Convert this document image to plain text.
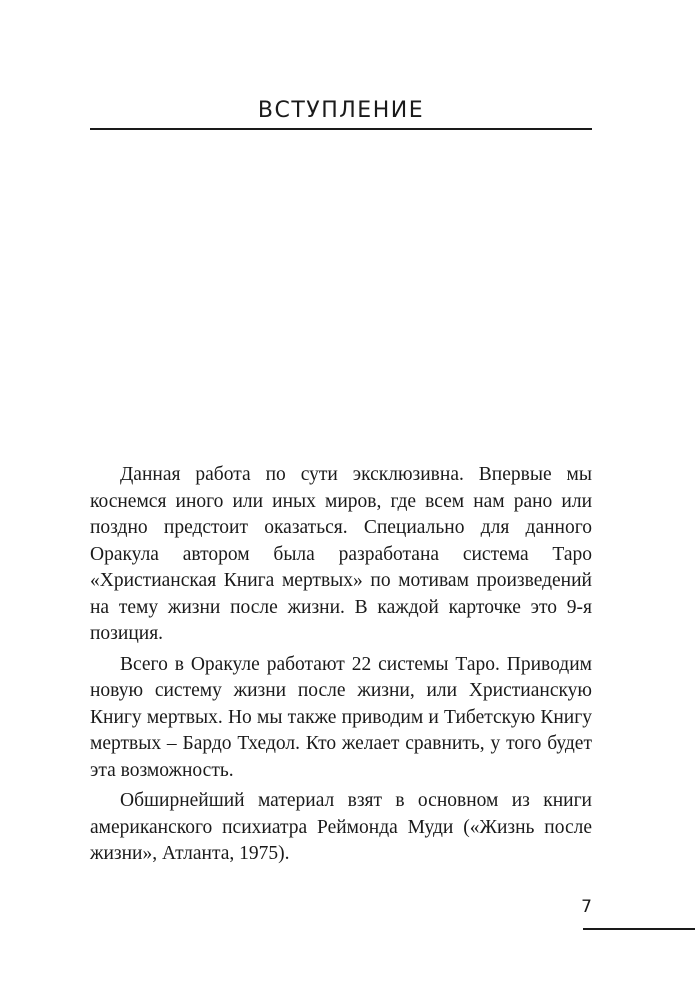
ВСТУПЛЕНИЕ

Данная работа по сути эксклюзивна. Впервые мы коснемся иного или иных миров, где всем нам рано или поздно предстоит оказаться. Специально для данного Оракула автором была разработана система Таро «Христианская Книга мертвых» по мотивам произведений на тему жизни после жизни. В каждой карточке это 9-я позиция.

Всего в Оракуле работают 22 системы Таро. Приводим новую систему жизни после жизни, или Христианскую Книгу мертвых. Но мы также приводим и Тибетскую Книгу мертвых – Бардо Тхедол. Кто желает сравнить, у того будет эта возможность.

Обширнейший материал взят в основном из книги американского психиатра Реймонда Муди («Жизнь после жизни», Атланта, 1975).

7
